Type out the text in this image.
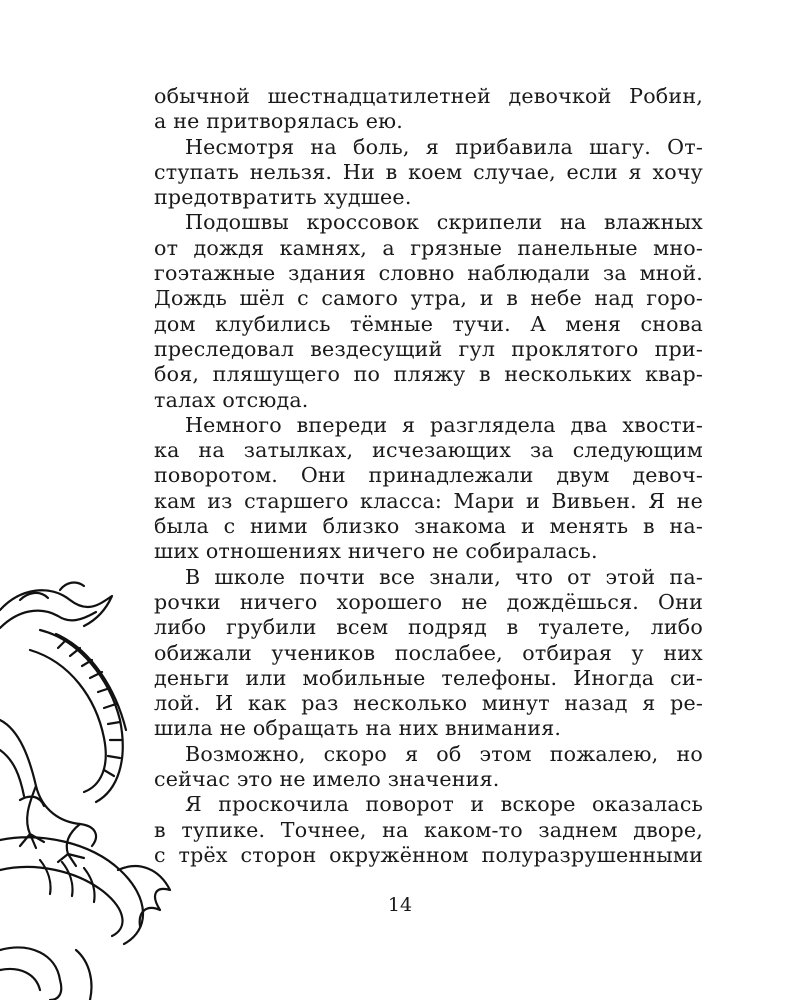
обычной шестнадцатилетней девочкой Робин,
а не притворялась ею.
Несмотря на боль, я прибавила шагу. От-
ступать нельзя. Ни в коем случае, если я хочу
предотвратить худшее.
Подошвы кроссовок скрипели на влажных
от дождя камнях, а грязные панельные мно-
гоэтажные здания словно наблюдали за мной.
Дождь шёл с самого утра, и в небе над горо-
дом клубились тёмные тучи. А меня снова
преследовал вездесущий гул проклятого при-
боя, пляшущего по пляжу в нескольких квар-
талах отсюда.
Немного впереди я разглядела два хвости-
ка на затылках, исчезающих за следующим
поворотом. Они принадлежали двум девоч-
кам из старшего класса: Мари и Вивьен. Я не
была с ними близко знакома и менять в на-
ших отношениях ничего не собиралась.
В школе почти все знали, что от этой па-
рочки ничего хорошего не дождёшься. Они
либо грубили всем подряд в туалете, либо
обижали учеников послабее, отбирая у них
деньги или мобильные телефоны. Иногда си-
лой. И как раз несколько минут назад я ре-
шила не обращать на них внимания.
Возможно, скоро я об этом пожалею, но
сейчас это не имело значения.
Я проскочила поворот и вскоре оказалась
в тупике. Точнее, на каком-то заднем дворе,
с трёх сторон окружённом полуразрушенными
14
